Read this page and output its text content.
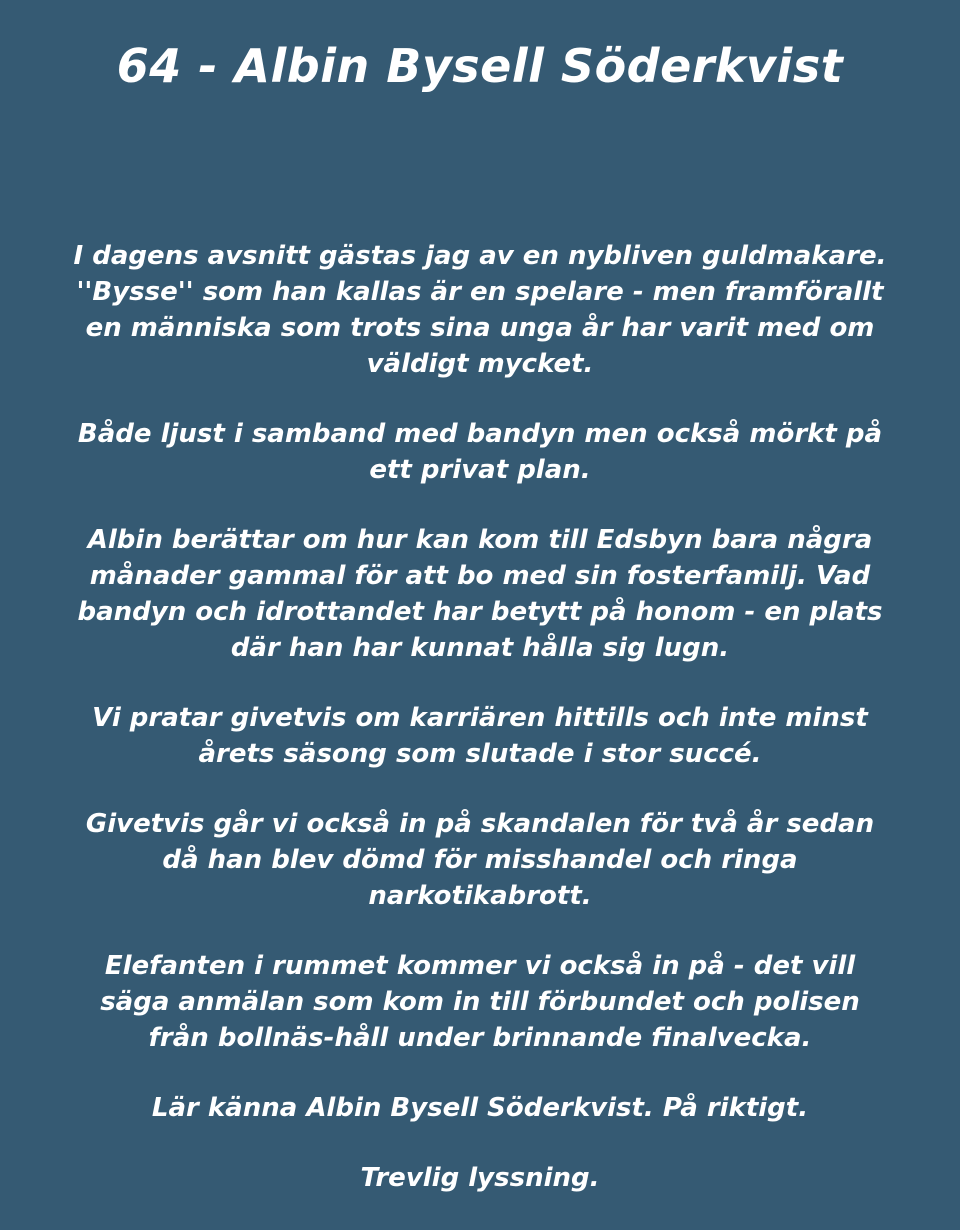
64 - Albin Bysell Söderkvist

I dagens avsnitt gästas jag av en nybliven guldmakare.
''Bysse'' som han kallas är en spelare - men framförallt
en människa som trots sina unga år har varit med om
väldigt mycket.

Både ljust i samband med bandyn men också mörkt på
ett privat plan.

Albin berättar om hur kan kom till Edsbyn bara några
månader gammal för att bo med sin fosterfamilj. Vad
bandyn och idrottandet har betytt på honom - en plats
där han har kunnat hålla sig lugn.

Vi pratar givetvis om karriären hittills och inte minst
årets säsong som slutade i stor succé.

Givetvis går vi också in på skandalen för två år sedan
då han blev dömd för misshandel och ringa
narkotikabrott.

Elefanten i rummet kommer vi också in på - det vill
säga anmälan som kom in till förbundet och polisen
från bollnäs-håll under brinnande finalvecka.

Lär känna Albin Bysell Söderkvist. På riktigt.

Trevlig lyssning.
